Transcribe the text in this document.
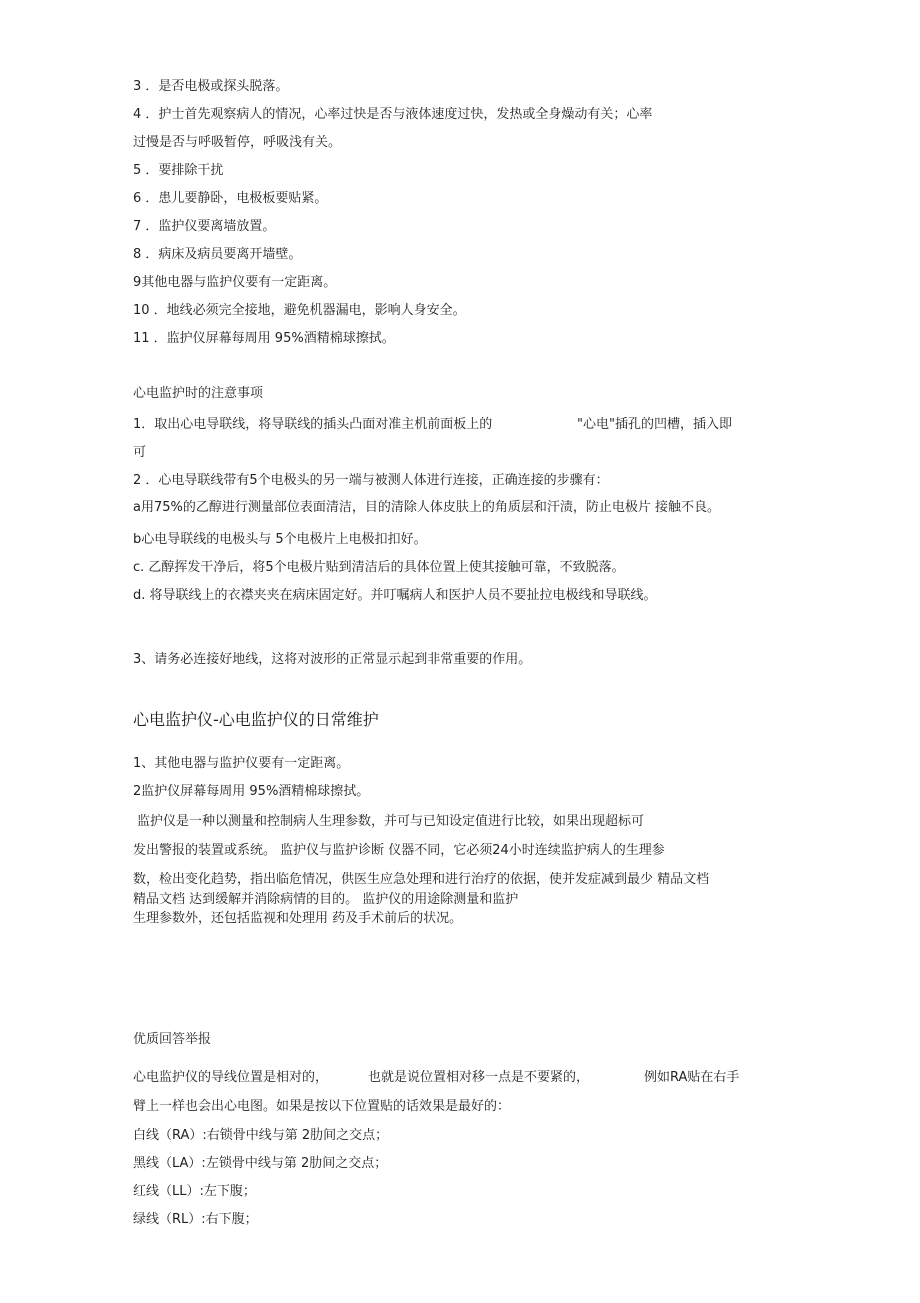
3 ．是否电极或探头脱落。
4 ．护士首先观察病人的情况，心率过快是否与液体速度过快，发热或全身燥动有关；心率
过慢是否与呼吸暂停，呼吸浅有关。
5 ．要排除干扰
6 ．患儿要静卧，电极板要贴紧。
7 ．监护仪要离墙放置。
8 ．病床及病员要离开墙壁。
9其他电器与监护仪要有一定距离。
10 ．地线必须完全接地，避免机器漏电，影响人身安全。
11 ．监护仪屏幕每周用 95%酒精棉球擦拭。
心电监护时的注意事项
1．取出心电导联线，将导联线的插头凸面对准主机前面板上的	"心电"插孔的凹槽，插入即
可
2 ．心电导联线带有5个电极头的另一端与被测人体进行连接，正确连接的步骤有：
a用75%的乙醇进行测量部位表面清洁，目的清除人体皮肤上的角质层和汗渍，防止电极片 接触不良。
b心电导联线的电极头与 5个电极片上电极扣扣好。
c. 乙醇挥发干净后，将5个电极片贴到清洁后的具体位置上使其接触可靠，不致脱落。
d. 将导联线上的衣襟夹夹在病床固定好。并叮嘱病人和医护人员不要扯拉电极线和导联线。
3、请务必连接好地线，这将对波形的正常显示起到非常重要的作用。
心电监护仪-心电监护仪的日常维护
1、其他电器与监护仪要有一定距离。
2监护仪屏幕每周用 95%酒精棉球擦拭。
监护仪是一种以测量和控制病人生理参数，并可与已知设定值进行比较，如果出现超标可
发出警报的装置或系统。 监护仪与监护诊断 仪器不同，它必须24小时连续监护病人的生理参
数，检出变化趋势，指出临危情况，供医生应急处理和进行治疗的依据，使并发症减到最少 精品文档
精品文档 达到缓解并消除病情的目的。 监护仪的用途除测量和监护
生理参数外，还包括监视和处理用 药及手术前后的状况。
优质回答举报
心电监护仪的导线位置是相对的，	也就是说位置相对移一点是不要紧的，	例如RA贴在右手
臂上一样也会出心电图。如果是按以下位置贴的话效果是最好的：
白线（RA）:右锁骨中线与第 2肋间之交点；
黑线（LA）:左锁骨中线与第 2肋间之交点；
红线（LL）:左下腹；
绿线（RL）:右下腹；
